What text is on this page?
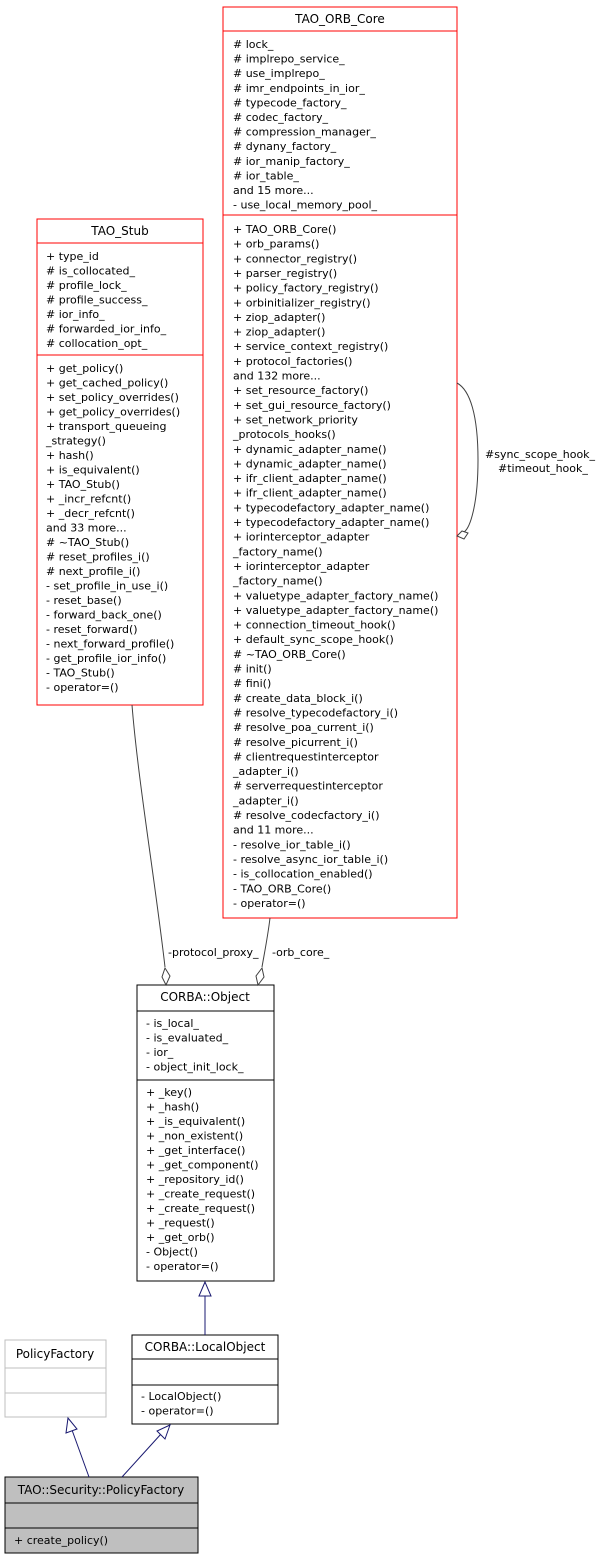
TAO_ORB_Core
# lock_
# implrepo_service_
# use_implrepo_
# imr_endpoints_in_ior_
# typecode_factory_
# codec_factory_
# compression_manager_
# dynany_factory_
# ior_manip_factory_
# ior_table_
and 15 more...
- use_local_memory_pool_
+ TAO_ORB_Core()
+ orb_params()
+ connector_registry()
+ parser_registry()
+ policy_factory_registry()
+ orbinitializer_registry()
+ ziop_adapter()
+ ziop_adapter()
+ service_context_registry()
+ protocol_factories()
and 132 more...
+ set_resource_factory()
+ set_gui_resource_factory()
+ set_network_priority
_protocols_hooks()
+ dynamic_adapter_name()
+ dynamic_adapter_name()
+ ifr_client_adapter_name()
+ ifr_client_adapter_name()
+ typecodefactory_adapter_name()
+ typecodefactory_adapter_name()
+ iorinterceptor_adapter
_factory_name()
+ iorinterceptor_adapter
_factory_name()
+ valuetype_adapter_factory_name()
+ valuetype_adapter_factory_name()
+ connection_timeout_hook()
+ default_sync_scope_hook()
# ~TAO_ORB_Core()
# init()
# fini()
# create_data_block_i()
# resolve_typecodefactory_i()
# resolve_poa_current_i()
# resolve_picurrent_i()
# clientrequestinterceptor
_adapter_i()
# serverrequestinterceptor
_adapter_i()
# resolve_codecfactory_i()
and 11 more...
- resolve_ior_table_i()
- resolve_async_ior_table_i()
- is_collocation_enabled()
- TAO_ORB_Core()
- operator=()
TAO_Stub
+ type_id
# is_collocated_
# profile_lock_
# profile_success_
# ior_info_
# forwarded_ior_info_
# collocation_opt_
+ get_policy()
+ get_cached_policy()
+ set_policy_overrides()
+ get_policy_overrides()
+ transport_queueing
_strategy()
+ hash()
+ is_equivalent()
+ TAO_Stub()
+ _incr_refcnt()
+ _decr_refcnt()
and 33 more...
# ~TAO_Stub()
# reset_profiles_i()
# next_profile_i()
- set_profile_in_use_i()
- reset_base()
- forward_back_one()
- reset_forward()
- next_forward_profile()
- get_profile_ior_info()
- TAO_Stub()
- operator=()
CORBA::Object
- is_local_
- is_evaluated_
- ior_
- object_init_lock_
+ _key()
+ _hash()
+ _is_equivalent()
+ _non_existent()
+ _get_interface()
+ _get_component()
+ _repository_id()
+ _create_request()
+ _create_request()
+ _request()
+ _get_orb()
- Object()
- operator=()
CORBA::LocalObject
- LocalObject()
- operator=()
PolicyFactory
TAO::Security::PolicyFactory
+ create_policy()
#sync_scope_hook_
#timeout_hook_
-protocol_proxy_ -orb_core_
